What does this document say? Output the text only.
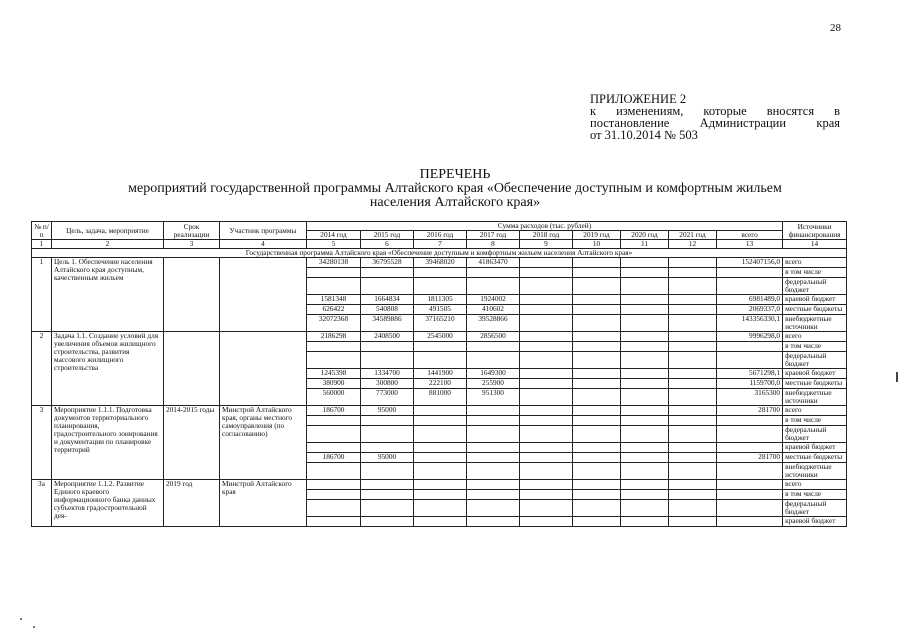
28
ПРИЛОЖЕНИЕ 2
к изменениям, которые вносятся в
постановление Администрации края
от 31.10.2014 № 503
ПЕРЕЧЕНЬ
мероприятий государственной программы Алтайского края «Обеспечение доступным и комфортным жильем
населения Алтайского края»
№ п/п	Цель, задача, мероприятие	Срок реализации	Участник программы	Сумма расходов (тыс. рублей)									Источники финансирования
				2014 год	2015 год	2016 год	2017 год	2018 год	2019 год	2020 год	2021 год	всего	
1	2	3	4	5	6	7	8	9	10	11	12	13	14
Государственная программа Алтайского края «Обеспечение доступным и комфортным жильем населения Алтайского края»													
1	Цель 1. Обеспечение населения Алтайского края доступным, качественным жильем			34280138	36795528	39468020	41863470					152407156,0	всего
													в том числе
													федеральный бюджет
				1581348	1664834	1811305	1924002					6981489,0	краевой бюджет
				626422	540808	491505	410602					2069337,0	местные бюджеты
				32072368	34589886	37165210	39528866					143356330,1	внебюджетные источники
2	Задача 1.1. Создание условий для увеличения объемов жилищного строительства, развития массового жилищного строительства			2186298	2408500	2545000	2856500					9996298,0	всего
													в том числе
													федеральный бюджет
				1245398	1334700	1441900	1649300					5671298,1	краевой бюджет
				380900	300800	222100	255900					1159700,0	местные бюджеты
				560000	773000	881000	951300					3165300	внебюджетные источники
3	Мероприятие 1.1.1. Подготовка документов территориального планирования, градостроительного зонирования и документации по планировке территорий	2014-2015 годы	Минстрой Алтайского края, органы местного самоуправления (по согласованию)	186700	95000							281700	всего
													в том числе
													федеральный бюджет
													краевой бюджет
				186700	95000							281700	местные бюджеты
													внебюджетные источники
3а	Мероприятие 1.1.2. Развитие Единого краевого информационного банка данных субъектов градостроительной дея-	2019 год	Минстрой Алтайского края										всего
													в том числе
													федеральный бюджет
													краевой бюджет
